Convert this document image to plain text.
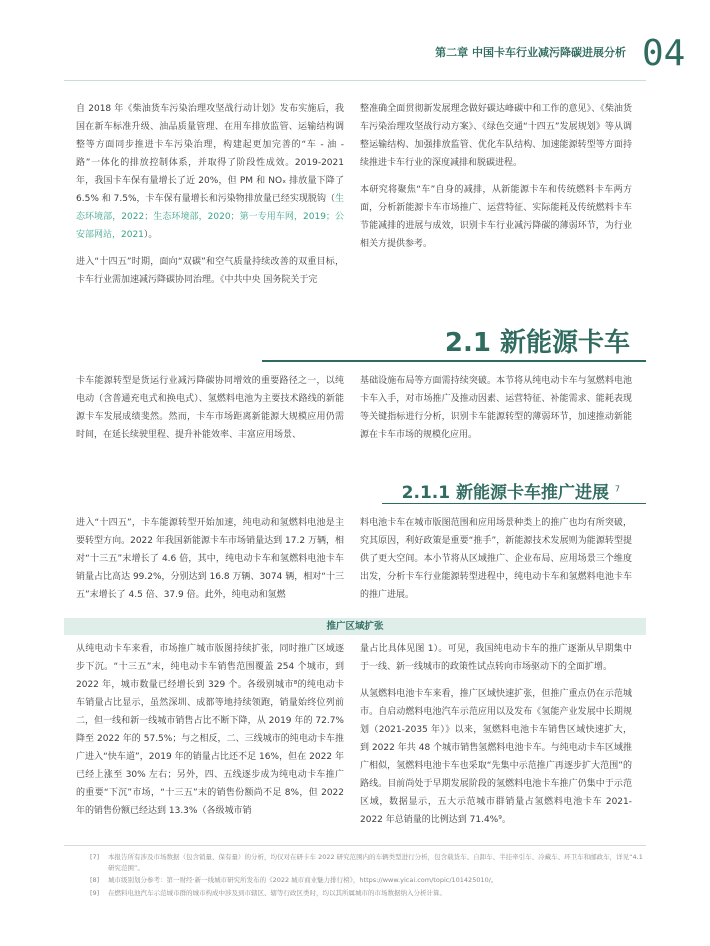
第二章 中国卡车行业减污降碳进展分析 04

自 2018 年《柴油货车污染治理攻坚战行动计划》发布实施后，我国在新车标准升级、油品质量管理、在用车排放监管、运输结构调整等方面同步推进卡车污染治理，构建起更加完善的“车 - 油 - 路”一体化的排放控制体系，并取得了阶段性成效。2019-2021 年，我国卡车保有量增长了近 20%，但 PM 和 NOₓ 排放量下降了 6.5% 和 7.5%，卡车保有量增长和污染物排放量已经实现脱钩（生态环境部，2022；生态环境部，2020；第一专用车网，2019；公安部网站，2021）。

进入“十四五”时期，面向“双碳”和空气质量持续改善的双重目标，卡车行业需加速减污降碳协同治理。《中共中央 国务院关于完

整准确全面贯彻新发展理念做好碳达峰碳中和工作的意见》、《柴油货车污染治理攻坚战行动方案》、《绿色交通“十四五”发展规划》等从调整运输结构、加强排放监管、优化车队结构、加速能源转型等方面持续推进卡车行业的深度减排和脱碳进程。

本研究将聚焦“车”自身的减排，从新能源卡车和传统燃料卡车两方面，分析新能源卡车市场推广、运营特征、实际能耗及传统燃料卡车节能减排的进展与成效，识别卡车行业减污降碳的薄弱环节，为行业相关方提供参考。

2.1 新能源卡车

卡车能源转型是货运行业减污降碳协同增效的重要路径之一，以纯电动（含普通充电式和换电式）、氢燃料电池为主要技术路线的新能源卡车发展成绩斐然。然而，卡车市场距离新能源大规模应用仍需时间，在延长续驶里程、提升补能效率、丰富应用场景、

基础设施布局等方面需持续突破。本节将从纯电动卡车与氢燃料电池卡车入手，对市场推广及推动因素、运营特征、补能需求、能耗表现等关键指标进行分析，识别卡车能源转型的薄弱环节，加速推动新能源在卡车市场的规模化应用。

2.1.1 新能源卡车推广进展 $^7$

进入“十四五”，卡车能源转型开始加速，纯电动和氢燃料电池是主要转型方向。2022 年我国新能源卡车市场销量达到 17.2 万辆，相对“十三五”末增长了 4.6 倍，其中，纯电动卡车和氢燃料电池卡车销量占比高达 99.2%，分别达到 16.8 万辆、3074 辆，相对“十三五”末增长了 4.5 倍、37.9 倍。此外，纯电动和氢燃

料电池卡车在城市版图范围和应用场景种类上的推广也均有所突破，究其原因，利好政策是重要“推手”，新能源技术发展则为能源转型提供了更大空间。本小节将从区域推广、企业布局、应用场景三个维度出发，分析卡车行业能源转型进程中，纯电动卡车和氢燃料电池卡车的推广进展。

推广区域扩张

从纯电动卡车来看，市场推广城市版图持续扩张，同时推广区域逐步下沉。“十三五”末，纯电动卡车销售范围覆盖 254 个城市，到 2022 年，城市数量已经增长到 329 个。各级别城市⁸的纯电动卡车销量占比显示，虽然深圳、成都等地持续领跑，销量始终位列前二，但一线和新一线城市销售占比不断下降，从 2019 年的 72.7% 降至 2022 年的 57.5%；与之相反，二、三线城市的纯电动卡车推广进入“快车道”，2019 年的销量占比还不足 16%，但在 2022 年已经上涨至 30% 左右；另外，四、五线逐步成为纯电动卡车推广的重要“下沉”市场，“十三五”末的销售份额尚不足 8%，但 2022 年的销售份额已经达到 13.3%（各级城市销

量占比具体见图 1）。可见，我国纯电动卡车的推广逐渐从早期集中于一线、新一线城市的政策性试点转向市场驱动下的全面扩增。

从氢燃料电池卡车来看，推广区域快速扩张，但推广重点仍在示范城市。自启动燃料电池汽车示范应用以及发布《氢能产业发展中长期规划（2021-2035 年）》以来，氢燃料电池卡车销售区域快速扩大，到 2022 年共 48 个城市销售氢燃料电池卡车。与纯电动卡车区域推广相似，氢燃料电池卡车也采取“先集中示范推广再逐步扩大范围”的路线。目前尚处于早期发展阶段的氢燃料电池卡车推广仍集中于示范区域，数据显示，五大示范城市群销量占氢燃料电池卡车 2021-2022 年总销量的比例达到 71.4%⁹。

[7] 本报告所有涉及市场数据（包含销量、保有量）的分析，均仅对在研卡车 2022 研究范围内的车辆类型进行分析，包含载货车、自卸车、半挂牵引车、冷藏车、环卫车和邮政车，详见“4.1 研究范围”。
[8] 城市级别划分参考：第一财经·新一线城市研究所发布的《2022 城市商业魅力排行榜》，https://www.yicai.com/topic/101425010/。
[9] 在燃料电池汽车示范城市群的城市构成中涉及到市辖区、辖等行政区类时，均以其所属城市的市场数据纳入分析计算。
